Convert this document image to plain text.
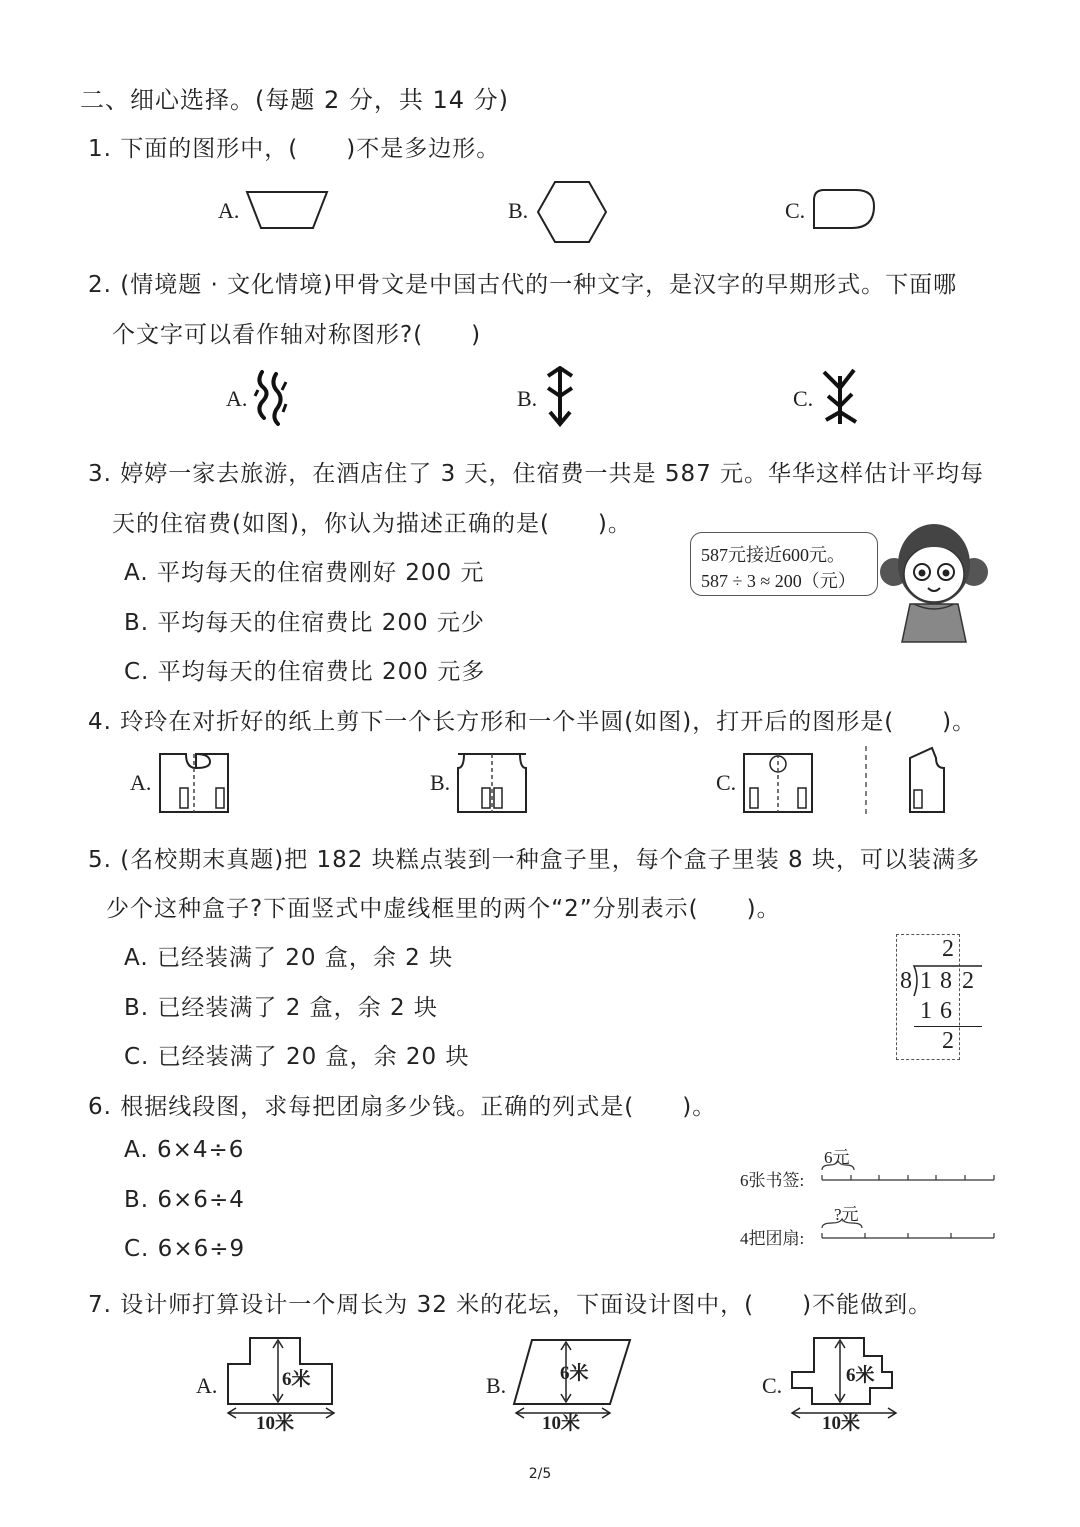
二、细心选择。(每题 2 分，共 14 分)
1. 下面的图形中，(　　)不是多边形。
A.	B.	C.
2. (情境题 · 文化情境)甲骨文是中国古代的一种文字，是汉字的早期形式。下面哪
个文字可以看作轴对称图形?(　　)
A.	B.	C.
3. 婷婷一家去旅游，在酒店住了 3 天，住宿费一共是 587 元。华华这样估计平均每
天的住宿费(如图)，你认为描述正确的是(　　)。
A. 平均每天的住宿费刚好 200 元
B. 平均每天的住宿费比 200 元少
C. 平均每天的住宿费比 200 元多
587元接近600元。
587 ÷ 3 ≈ 200（元）
4. 玲玲在对折好的纸上剪下一个长方形和一个半圆(如图)，打开后的图形是(　　)。
A.	B.	C.
5. (名校期末真题)把 182 块糕点装到一种盒子里，每个盒子里装 8 块，可以装满多
少个这种盒子?下面竖式中虚线框里的两个“2”分别表示(　　)。
A. 已经装满了 20 盒，余 2 块
B. 已经装满了 2 盒，余 2 块
C. 已经装满了 20 盒，余 20 块
2
8 1 8 2
1 6
2
6. 根据线段图，求每把团扇多少钱。正确的列式是(　　)。
A. 6×4÷6
B. 6×6÷4
C. 6×6÷9
6张书签:
6元
4把团扇:
?元
7. 设计师打算设计一个周长为 32 米的花坛，下面设计图中，(　　)不能做到。
A.	6米
10米
B.	6米
10米
C.	6米
10米
2/5
